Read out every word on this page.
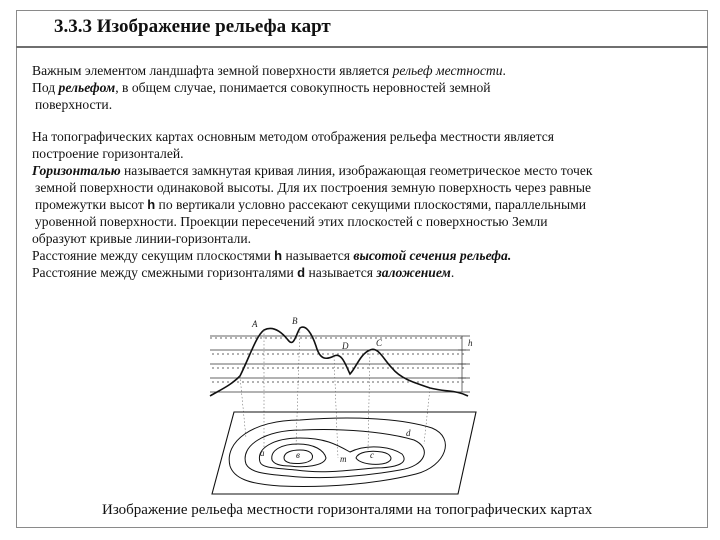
3.3.3 Изображение рельефа карт
Важным элементом ландшафта земной поверхности является рельеф местности.
Под рельефом, в общем случае, понимается совокупность неровностей земной
поверхности.
На топографических картах основным методом отображения рельефа местности является
построение горизонталей.
Горизонталью называется замкнутая кривая линия, изображающая геометрическое место точек
земной поверхности одинаковой высоты. Для их построения земную поверхность через равные
промежутки высот h по вертикали условно рассекают секущими плоскостями, параллельными
уровенной поверхности. Проекции пересечений этих плоскостей с поверхностью Земли
образуют кривые линии-горизонтали.
Расстояние между секущим плоскостями h называется высотой сечения рельефа.
Расстояние между смежными горизонталями d называется заложением.
A	В
C
D	h
a	в	m	с
d
Изображение рельефа местности горизонталями на топографических картах
